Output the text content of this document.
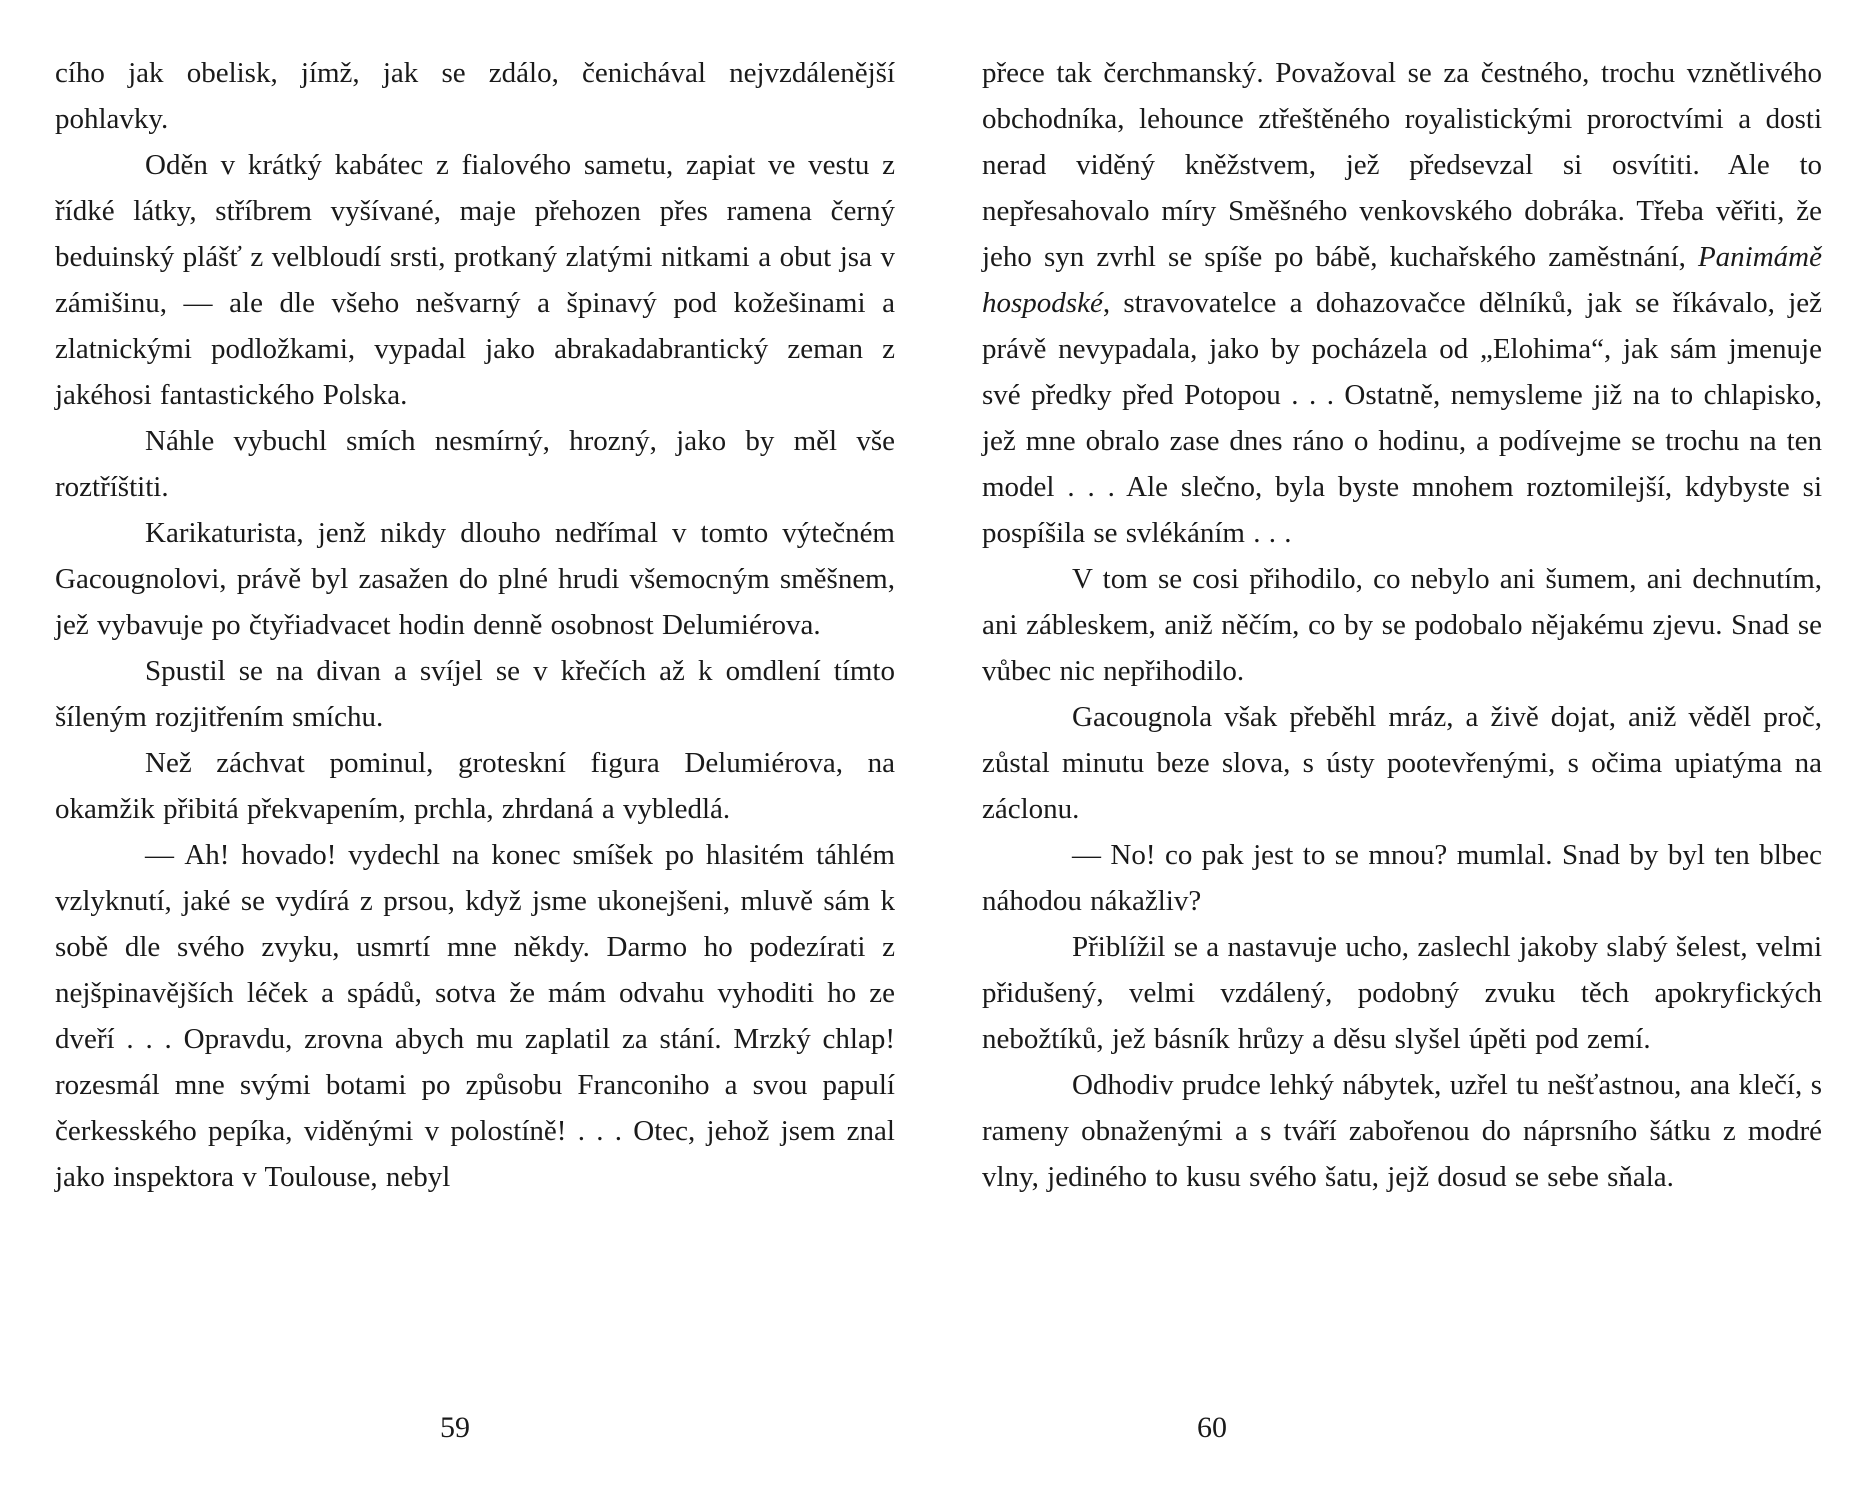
cího jak obelisk, jímž, jak se zdálo, čenichával nejvzdálenější pohlavky.

Oděn v krátký kabátec z fialového sametu, zapiat ve vestu z řídké látky, stříbrem vyšívané, maje přehozen přes ramena černý beduinský plášť z velbloudí srsti, protkaný zlatými nitkami a obut jsa v zámišinu, — ale dle všeho nešvarný a špinavý pod kožešinami a zlatnickými podložkami, vypadal jako abrakadabrantický zeman z jakéhosi fantastického Polska.

Náhle vybuchl smích nesmírný, hrozný, jako by měl vše roztříštiti.

Karikaturista, jenž nikdy dlouho nedřímal v tomto výtečném Gacougnolovi, právě byl zasažen do plné hrudi všemocným směšnem, jež vybavuje po čtyřiadvacet hodin denně osobnost Delumiérova.

Spustil se na divan a svíjel se v křečích až k omdlení tímto šíleným rozjitřením smíchu.

Než záchvat pominul, groteskní figura Delumiérova, na okamžik přibitá překvapením, prchla, zhrdaná a vybledlá.

— Ah! hovado! vydechl na konec smíšek po hlasitém táhlém vzlyknutí, jaké se vydírá z prsou, když jsme ukonejšeni, mluvě sám k sobě dle svého zvyku, usmrtí mne někdy. Darmo ho podezírati z nejšpinavějších léček a spádů, sotva že mám odvahu vyhoditi ho ze dveří . . . Opravdu, zrovna abych mu zaplatil za stání. Mrzký chlap! rozesmál mne svými botami po způsobu Franconiho a svou papulí čerkesského pepíka, viděnými v polostíně! . . . Otec, jehož jsem znal jako inspektora v Toulouse, nebyl

59

přece tak čerchmanský. Považoval se za čestného, trochu vznětlivého obchodníka, lehounce ztřeštěného royalistickými proroctvími a dosti nerad viděný kněžstvem, jež předsevzal si osvítiti. Ale to nepřesahovalo míry Směšného venkovského dobráka. Třeba věřiti, že jeho syn zvrhl se spíše po bábě, kuchařského zaměstnání, Panimámě hospodské, stravovatelce a dohazovačce dělníků, jak se říkávalo, jež právě nevypadala, jako by pocházela od „Elohima“, jak sám jmenuje své předky před Potopou . . . Ostatně, nemysleme již na to chlapisko, jež mne obralo zase dnes ráno o hodinu, a podívejme se trochu na ten model . . . Ale slečno, byla byste mnohem roztomilejší, kdybyste si pospíšila se svlékáním . . .

V tom se cosi přihodilo, co nebylo ani šumem, ani dechnutím, ani zábleskem, aniž něčím, co by se podobalo nějakému zjevu. Snad se vůbec nic nepřihodilo.

Gacougnola však přeběhl mráz, a živě dojat, aniž věděl proč, zůstal minutu beze slova, s ústy pootevřenými, s očima upiatýma na záclonu.

— No! co pak jest to se mnou? mumlal. Snad by byl ten blbec náhodou nákažliv?

Přiblížil se a nastavuje ucho, zaslechl jakoby slabý šelest, velmi přidušený, velmi vzdálený, podobný zvuku těch apokryfických nebožtíků, jež básník hrůzy a děsu slyšel úpěti pod zemí.

Odhodiv prudce lehký nábytek, uzřel tu nešťastnou, ana klečí, s rameny obnaženými a s tváří zabořenou do náprsního šátku z modré vlny, jediného to kusu svého šatu, jejž dosud se sebe sňala.

60
